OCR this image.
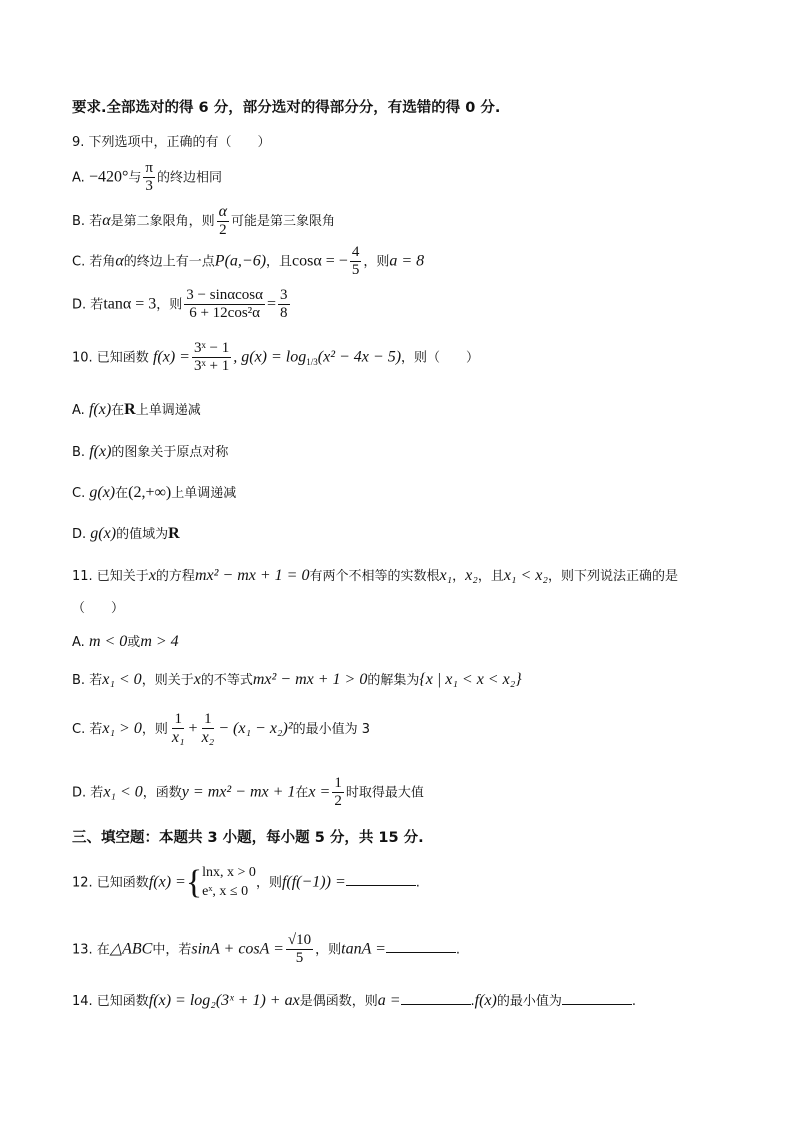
要求.全部选对的得 6 分，部分选对的得部分分，有选错的得 0 分.
9. 下列选项中，正确的有（　　）
A. −420°与 $\frac{\pi}{3}$ 的终边相同
B. 若α是第二象限角，则 $\frac{\alpha}{2}$ 可能是第三象限角
C. 若角α的终边上有一点P(a,−6)，且cosα = − $\frac{4}{5}$ ，则a = 8
D. 若tanα = 3，则 $\frac{3 - \sin\alpha\cos\alpha}{\text{6 + 12cos²α}} = \frac{3}{8}$
10. 已知函数 $f(x) = \frac{\text{3ˣ − 1}}{\text{3ˣ + 1}}$ , $g(x) = \log_{1/3}(x^2 - 4x - 5)$，则（　　）
A. f(x)在R上单调递减
B. f(x)的图象关于原点对称
C. g(x)在(2,+∞)上单调递减
D. g(x)的值域为R
11. 已知关于x的方程mx² − mx + 1 = 0有两个不相等的实数根x₁，x₂，且x₁ < x₂，则下列说法正确的是
（　　）
A. m < 0或m > 4
B. 若x₁ < 0，则关于x的不等式mx² − mx + 1 > 0的解集为{x | x₁ < x < x₂}
C. 若x₁ > 0，则 $\frac{1}{\text{x₁}} + \frac{1}{\text{x₂}} - (x_1 - x_2)^2$的最小值为 3
D. 若x₁ < 0，函数y = mx² − mx + 1在$x = \frac{1}{2}$ 时取得最大值
三、填空题：本题共 3 小题，每小题 5 分，共 15 分.
12. 已知函数f(x) ={ lnx, x > 0
eˣ, x ≤ 0
，则f(f(−1)) =	.
13. 在△ABC中，若$\sin A + \cos A = \frac{√10}{5}$ ，则tanA =	.
14. 已知函数f(x) = log₂(3ˣ + 1) + ax是偶函数，则a =	.f(x)的最小值为	.
